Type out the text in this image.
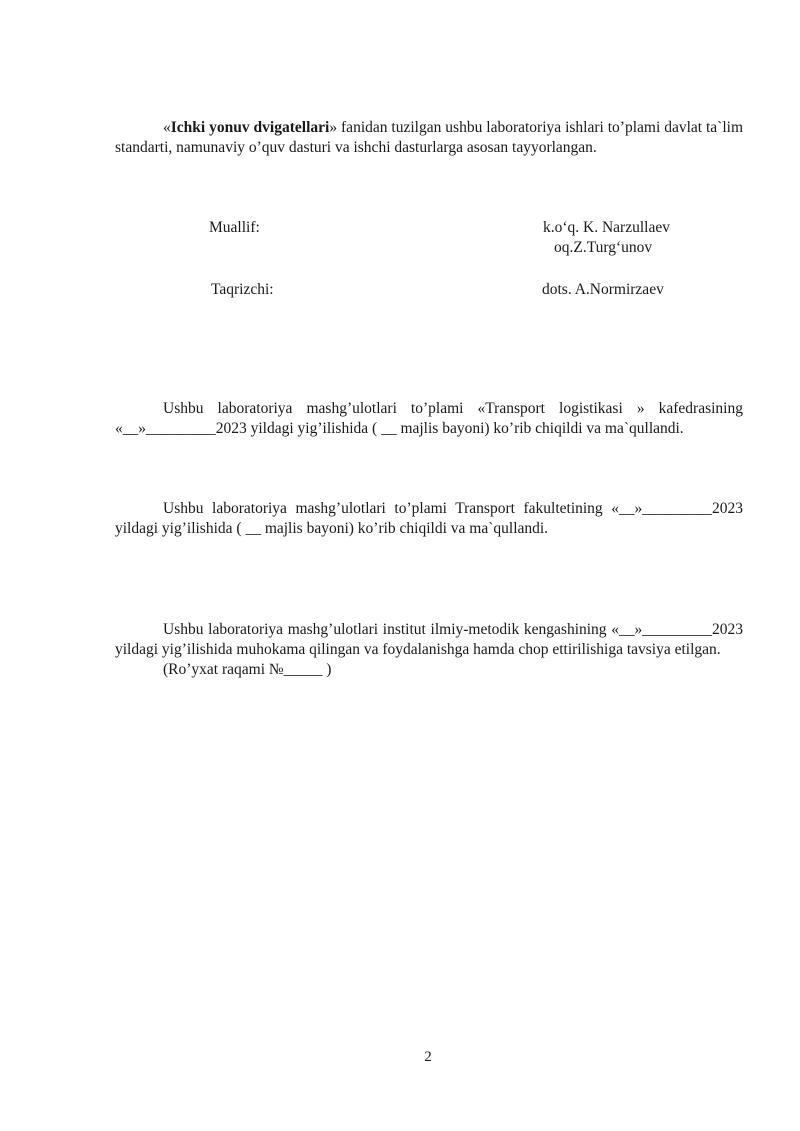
«Ichki yonuv dvigatellari» fanidan tuzilgan ushbu laboratoriya ishlari to’plami davlat ta`lim standarti, namunaviy o’quv dasturi va ishchi dasturlarga asosan tayyorlangan.

Muallif:	k.o‘q. K. Narzullaev
oq.Z.Turg‘unov
Taqrizchi:	dots. A.Normirzaev

Ushbu laboratoriya mashg’ulotlari to’plami «Transport logistikasi » kafedrasining «__»_________2023 yildagi yig’ilishida ( __ majlis bayoni) ko’rib chiqildi va ma`qullandi.

Ushbu laboratoriya mashg’ulotlari to’plami Transport fakultetining «__»_________2023 yildagi yig’ilishida ( __ majlis bayoni) ko’rib chiqildi va ma`qullandi.

Ushbu laboratoriya mashg’ulotlari institut ilmiy-metodik kengashining «__»_________2023 yildagi yig’ilishida muhokama qilingan va foydalanishga hamda chop ettirilishiga tavsiya etilgan.

(Ro’yxat raqami №_____ )
2
